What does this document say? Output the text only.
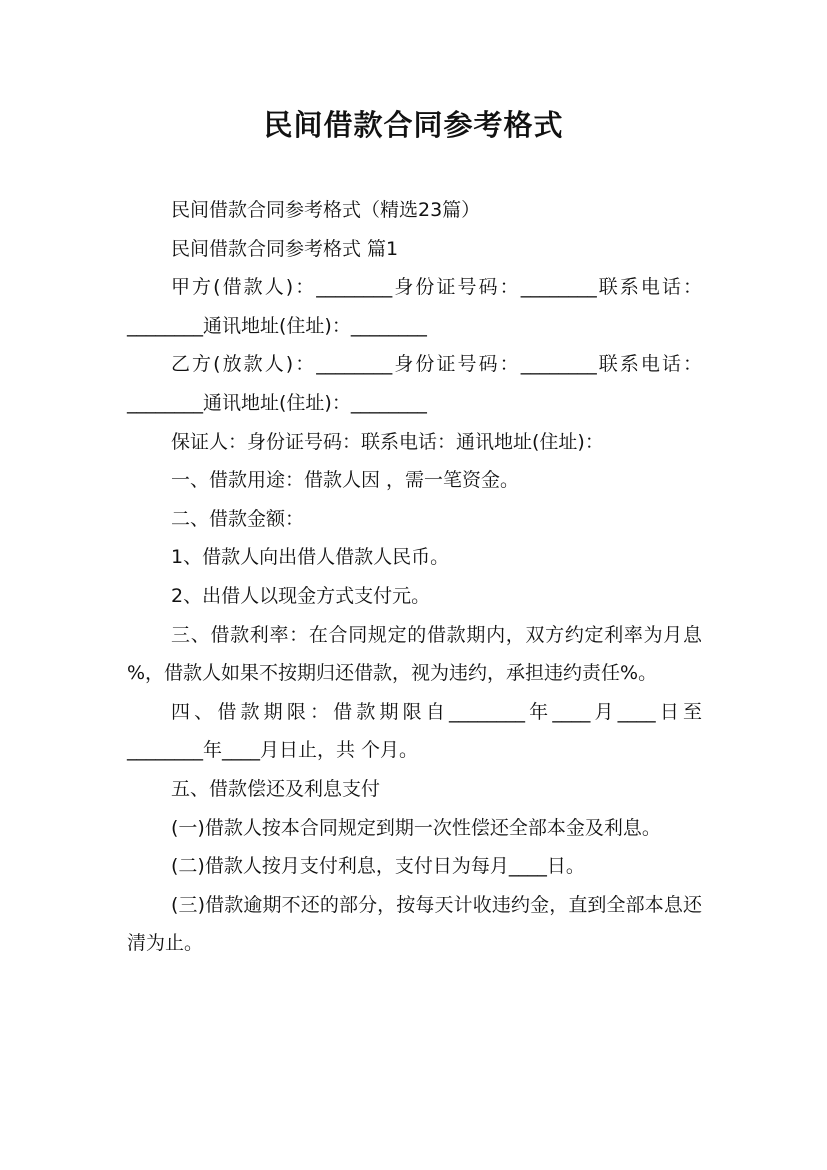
民间借款合同参考格式

民间借款合同参考格式（精选23篇）

民间借款合同参考格式 篇1

甲方(借款人)：________身份证号码：________联系电话：________通讯地址(住址)：________

乙方(放款人)：________身份证号码：________联系电话：________通讯地址(住址)：________

保证人：身份证号码：联系电话：通讯地址(住址)：

一、借款用途：借款人因 ，需一笔资金。

二、借款金额：

1、借款人向出借人借款人民币。

2、出借人以现金方式支付元。

三、借款利率：在合同规定的借款期内，双方约定利率为月息 %，借款人如果不按期归还借款，视为违约，承担违约责任%。

四、借款期限：借款期限自________年____月____日至________年____月日止，共 个月。

五、借款偿还及利息支付

(一)借款人按本合同规定到期一次性偿还全部本金及利息。

(二)借款人按月支付利息，支付日为每月____日。

(三)借款逾期不还的部分，按每天计收违约金，直到全部本息还清为止。
